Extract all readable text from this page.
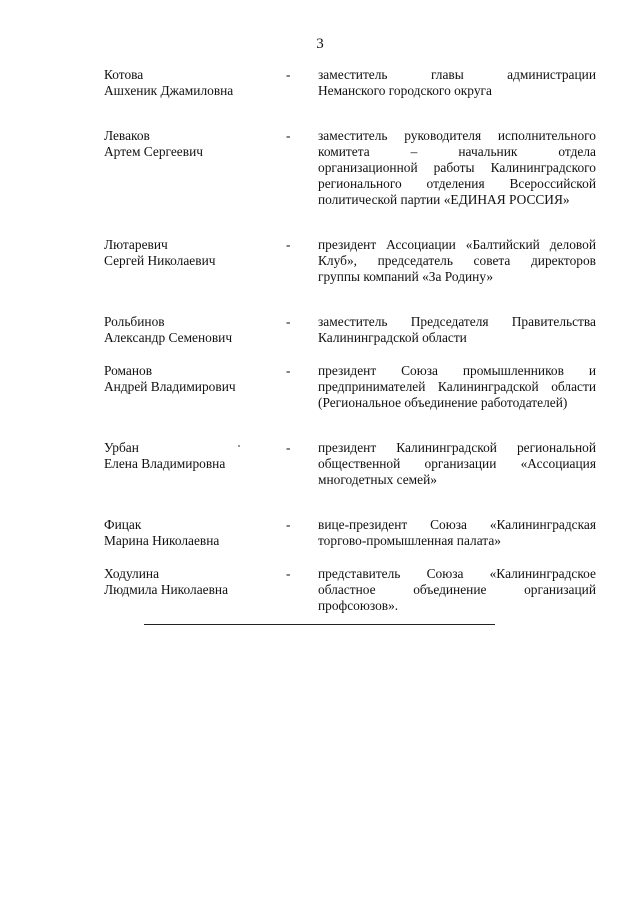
3
Котова
Ашхеник Джамиловна
-	заместитель главы администрации
Неманского городского округа
Леваков
Артем Сергеевич
-	заместитель руководителя исполнительного
комитета – начальник отдела
организационной работы Калининградского
регионального отделения Всероссийской
политической партии «ЕДИНАЯ РОССИЯ»
Лютаревич
Сергей Николаевич
-	президент Ассоциации «Балтийский деловой
Клуб», председатель совета директоров
группы компаний «За Родину»
Рольбинов
Александр Семенович
-	заместитель Председателя Правительства
Калининградской области
Романов
Андрей Владимирович
-	президент Союза промышленников и
предпринимателей Калининградской области
(Региональное объединение работодателей)
Урбан
Елена Владимировна
-	президент Калининградской региональной
общественной организации «Ассоциация
многодетных семей»
Фицак
Марина Николаевна
-	вице-президент Союза «Калининградская
торгово-промышленная палата»
Ходулина
Людмила Николаевна
-	представитель Союза «Калининградское
областное объединение организаций
профсоюзов».
